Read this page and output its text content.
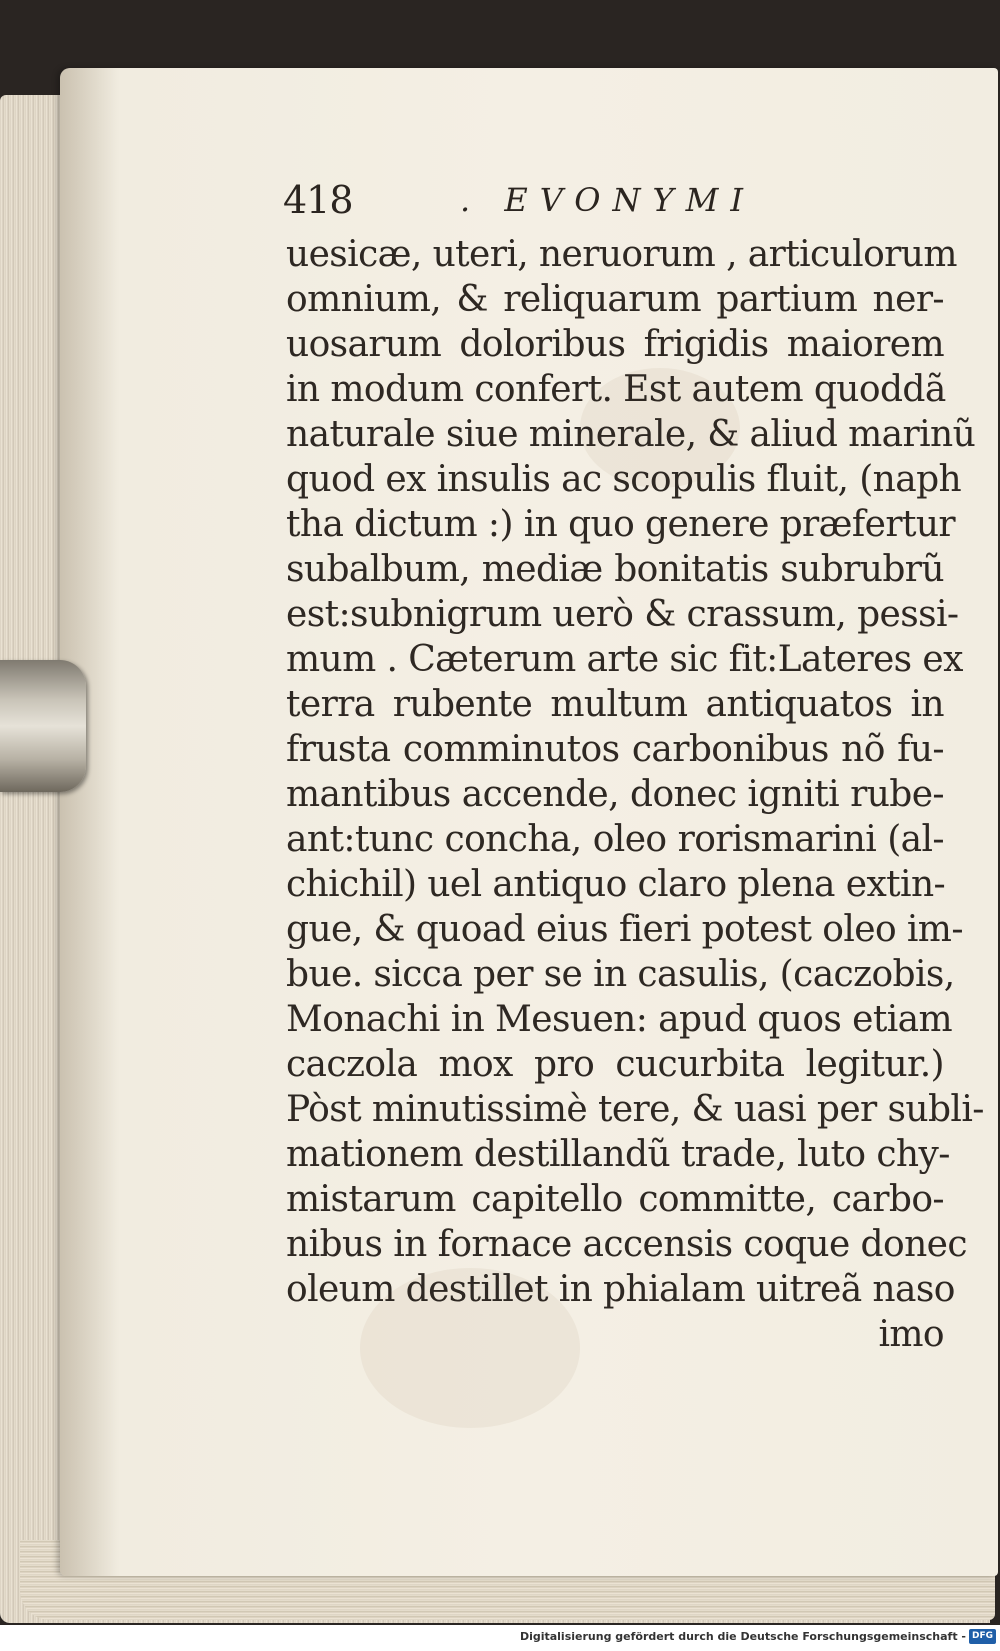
418	. EVONYMI
uesicæ, uteri, neruorum , articulorum
omnium, & reliquarum partium ner-
uosarum doloribus frigidis maiorem
in modum confert. Est autem quoddã
naturale siue minerale, & aliud marinũ
quod ex insulis ac scopulis fluit, (naph
tha dictum :) in quo genere præfertur
subalbum, mediæ bonitatis subrubrũ
est:subnigrum uerò & crassum, pessi-
mum . Cæterum arte sic fit:Lateres ex
terra rubente multum antiquatos in
frusta comminutos carbonibus nõ fu-
mantibus accende, donec igniti rube-
ant:tunc concha, oleo rorismarini (al-
chichil) uel antiquo claro plena extin-
gue, & quoad eius fieri potest oleo im-
bue. sicca per se in casulis, (caczobis,
Monachi in Mesuen: apud quos etiam
caczola mox pro cucurbita legitur.)
Pòst minutissimè tere, & uasi per subli-
mationem destillandũ trade, luto chy-
mistarum capitello committe, carbo-
nibus in fornace accensis coque donec
oleum destillet in phialam uitreã naso
imo
Digitalisierung gefördert durch die Deutsche Forschungsgemeinschaft - DFG
